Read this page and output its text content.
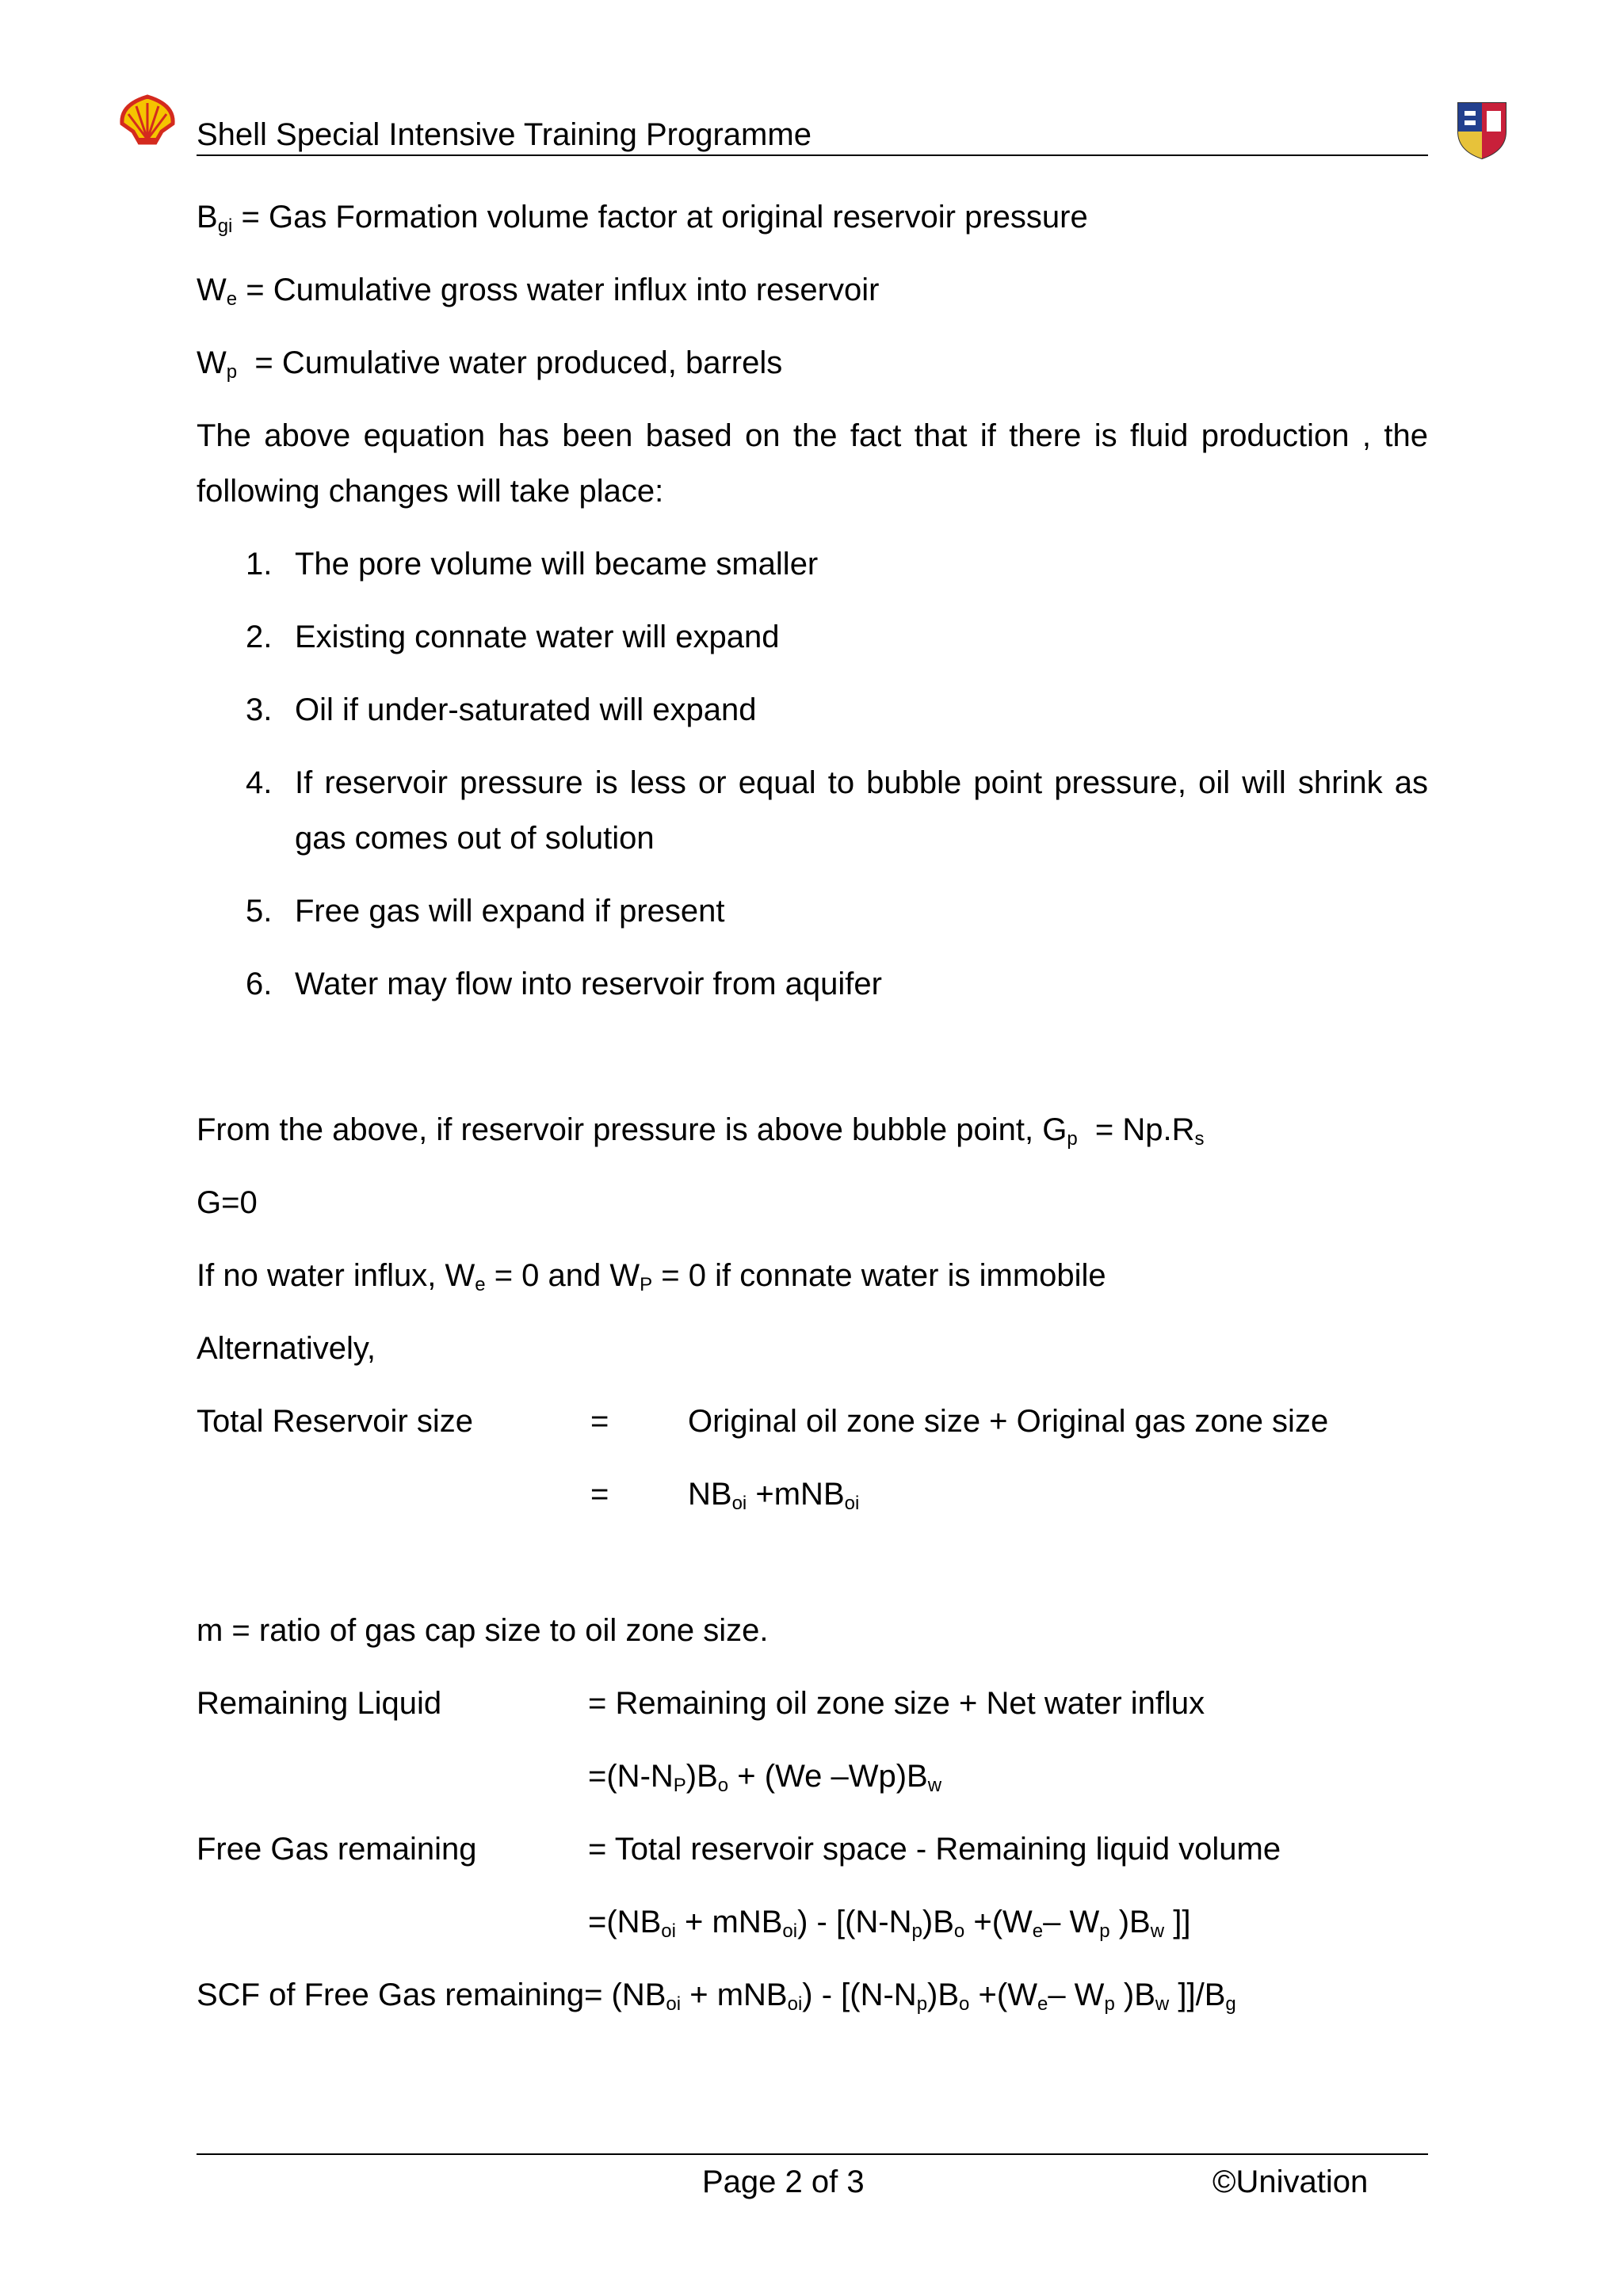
Shell Special Intensive Training Programme
$B_{gi}$ = Gas Formation volume factor at original reservoir pressure
$W_e$ = Cumulative gross water influx into reservoir
$W_p$  = Cumulative water produced, barrels
The above equation has been based on the fact that if there is fluid production , the
following changes will take place:
1. The pore volume will became smaller
2. Existing connate water will expand
3. Oil if under-saturated will expand
4. If reservoir pressure is less or equal to bubble point pressure, oil will shrink as
gas comes out of solution
5. Free gas will expand if present
6. Water may flow into reservoir from aquifer
From the above, if reservoir pressure is above bubble point, $G_p = Np.R_s$
G=0
If no water influx, $W_e = 0$ and $W_P = 0$ if connate water is immobile
Alternatively,
Total Reservoir size	= Original oil zone size + Original gas zone size
= $NB_{oi} +mNB_{oi}$
m = ratio of gas cap size to oil zone size.
Remaining Liquid	= Remaining oil zone size + Net water influx
$=(N-N_P)B_o + (We$ $-Wp)B_w$
Free Gas remaining	= Total reservoir space - Remaining liquid volume
$=(NB_{oi} + mNB_{oi}) - [(N-N_p)B_o +(W_e-$ $W_p$ )$B_w$ ]]
SCF of Free Gas remaining= $(NB_{oi} + mNB_{oi}) - [(N-N_p)B_o +(W_e-$ $W_p$ )$B_w$ ]]$/B_g$
Page 2 of 3	©Univation
